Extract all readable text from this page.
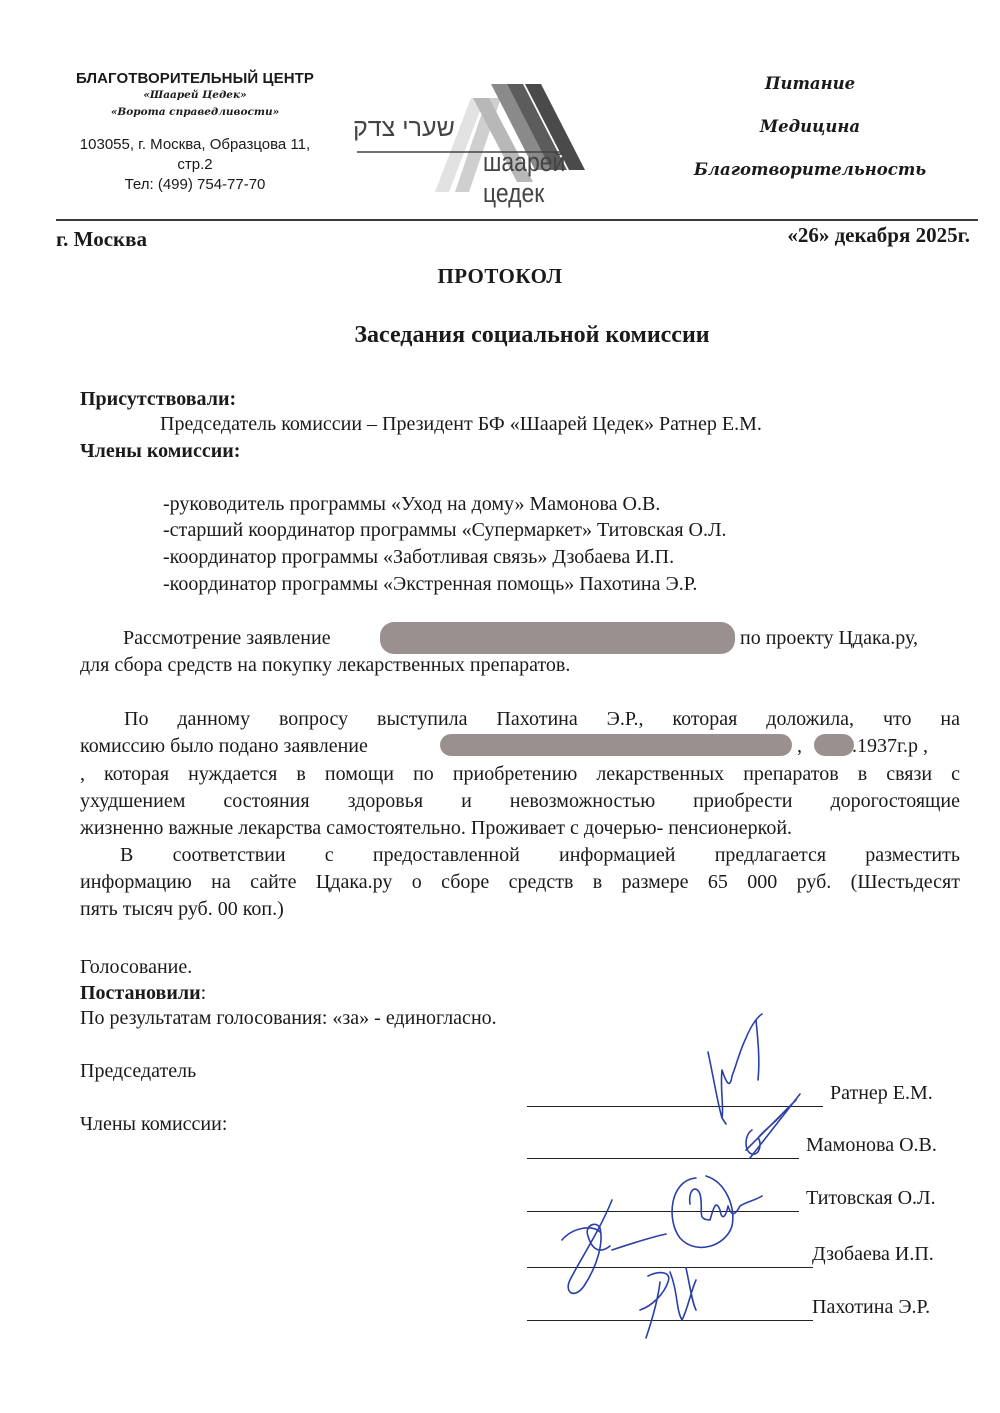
БЛАГОТВОРИТЕЛЬНЫЙ ЦЕНТР
«Шаарей Цедек»
«Ворота справедливости»
103055, г. Москва, Образцова 11,
стр.2
Тел: (499) 754-77-70
שערי צדק
шаарей цедек
Питание
Медицина
Благотворительность
г. Москва	«26» декабря 2025г.
ПРОТОКОЛ
Заседания социальной комиссии
Присутствовали:
Председатель комиссии – Президент БФ «Шаарей Цедек» Ратнер Е.М.
Члены комиссии:
-руководитель программы «Уход на дому» Мамонова О.В.
-старший координатор программы «Супермаркет» Титовская О.Л.
-координатор программы «Заботливая связь» Дзобаева И.П.
-координатор программы «Экстренная помощь» Пахотина Э.Р.
Рассмотрение заявление	по проекту Цдака.ру,
для сбора средств на покупку лекарственных препаратов.
По данному вопросу выступила Пахотина Э.Р., которая доложила, что на
комиссию было подано заявление	,	.1937г.р ,
, которая нуждается в помощи по приобретению лекарственных препаратов в связи с
ухудшением состояния здоровья и невозможностью приобрести дорогостоящие
жизненно важные лекарства самостоятельно. Проживает с дочерью- пенсионеркой.
В соответствии с предоставленной информацией предлагается разместить
информацию на сайте Цдака.ру о сборе средств в размере 65 000 руб. (Шестьдесят
пять тысяч руб. 00 коп.)
Голосование.
Постановили:
По результатам голосования: «за» - единогласно.
Председатель
Члены комиссии:
Ратнер Е.М.
Мамонова О.В.
Титовская О.Л.
Дзобаева И.П.
Пахотина Э.Р.
